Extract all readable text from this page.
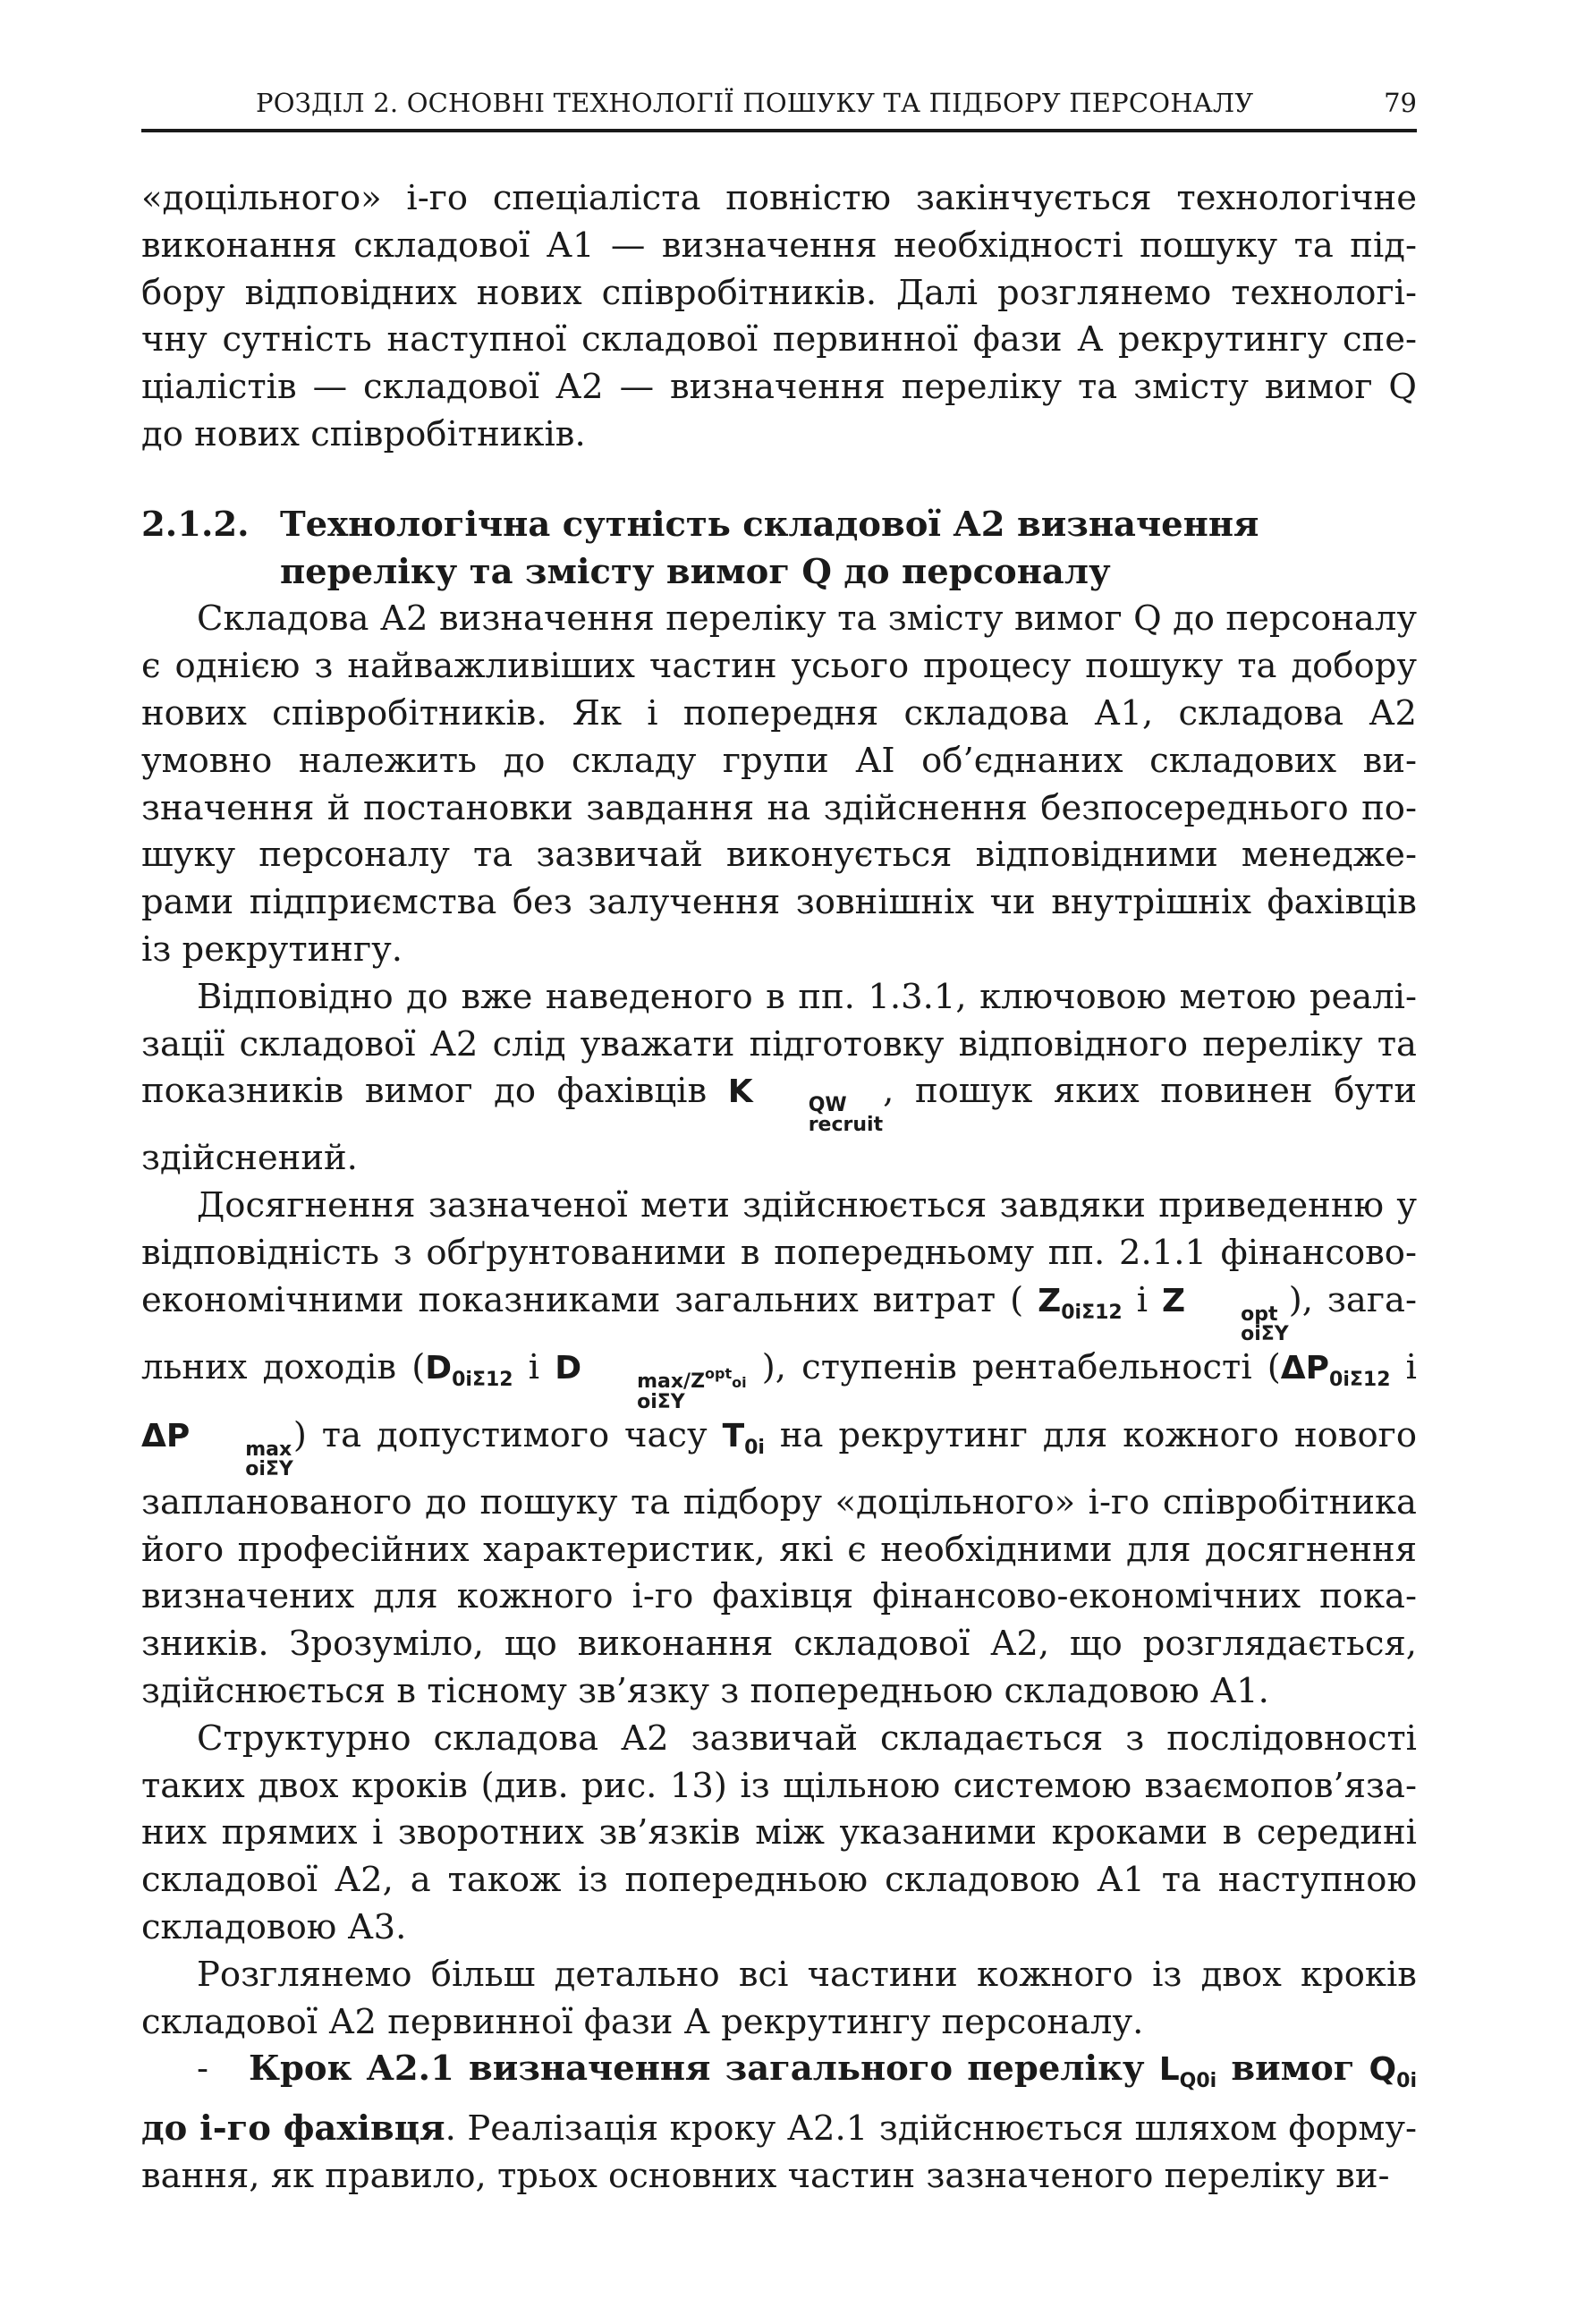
РОЗДІЛ 2. ОСНОВНІ ТЕХНОЛОГІЇ ПОШУКУ ТА ПІДБОРУ ПЕРСОНАЛУ	79

«доцільного» і-го спеціаліста повністю закінчується технологічне виконання складової А1 — визначення необхідності пошуку та підбору відповідних нових співробітників. Далі розглянемо технологічну сутність наступної складової первинної фази А рекрутингу спеціалістів — складової А2 — визначення переліку та змісту вимог Q до нових співробітників.

2.1.2. Технологічна сутність складової А2 визначення переліку та змісту вимог Q до персоналу

Складова А2 визначення переліку та змісту вимог Q до персоналу є однією з найважливіших частин усього процесу пошуку та добору нових співробітників. Як і попередня складова А1, складова А2 умовно належить до складу групи АІ об’єднаних складових визначення й постановки завдання на здійснення безпосереднього пошуку персоналу та зазвичай виконується відповідними менеджерами підприємства без залучення зовнішніх чи внутрішніх фахівців із рекрутингу.

Відповідно до вже наведеного в пп. 1.3.1, ключовою метою реалізації складової А2 слід уважати підготовку відповідного переліку та показників вимог до фахівців K	QW
recruit
, пошук яких повинен бути здійснений.

Досягнення зазначеної мети здійснюється завдяки приведенню у відповідність з обґрунтованими в попередньому пп. 2.1.1 фінансовоекономічними показниками загальних витрат ( $Z_{0i\Sigma 12}$ і Z	opt
oiΣY
), загальних доходів ($D_{0i\Sigma 12}$ і D	$\max/Z^{opt}oi$
oiΣY
), ступенів рентабельності ($\Delta P_{0i\Sigma 12}$ і ΔP	max
oiΣY
) та допустимого часу $T_{0i}$ на рекрутинг для кожного нового запланованого до пошуку та підбору «доцільного» і-го співробітника його професійних характеристик, які є необхідними для досягнення визначених для кожного і-го фахівця фінансово-економічних показників. Зрозуміло, що виконання складової А2, що розглядається, здійснюється в тісному зв’язку з попередньою складовою А1.

Структурно складова А2 зазвичай складається з послідовності таких двох кроків (див. рис. 13) із щільною системою взаємопов’язаних прямих і зворотних зв’язків між указаними кроками в середині складової А2, а також із попередньою складовою А1 та наступною складовою А3.

Розглянемо більш детально всі частини кожного із двох кроків складової А2 первинної фази А рекрутингу персоналу.

- Крок А2.1 визначення загального переліку $L_{Q0i}$ вимог $Q_{0i}$ до і-го фахівця. Реалізація кроку А2.1 здійснюється шляхом формування, як правило, трьох основних частин зазначеного переліку ви-
